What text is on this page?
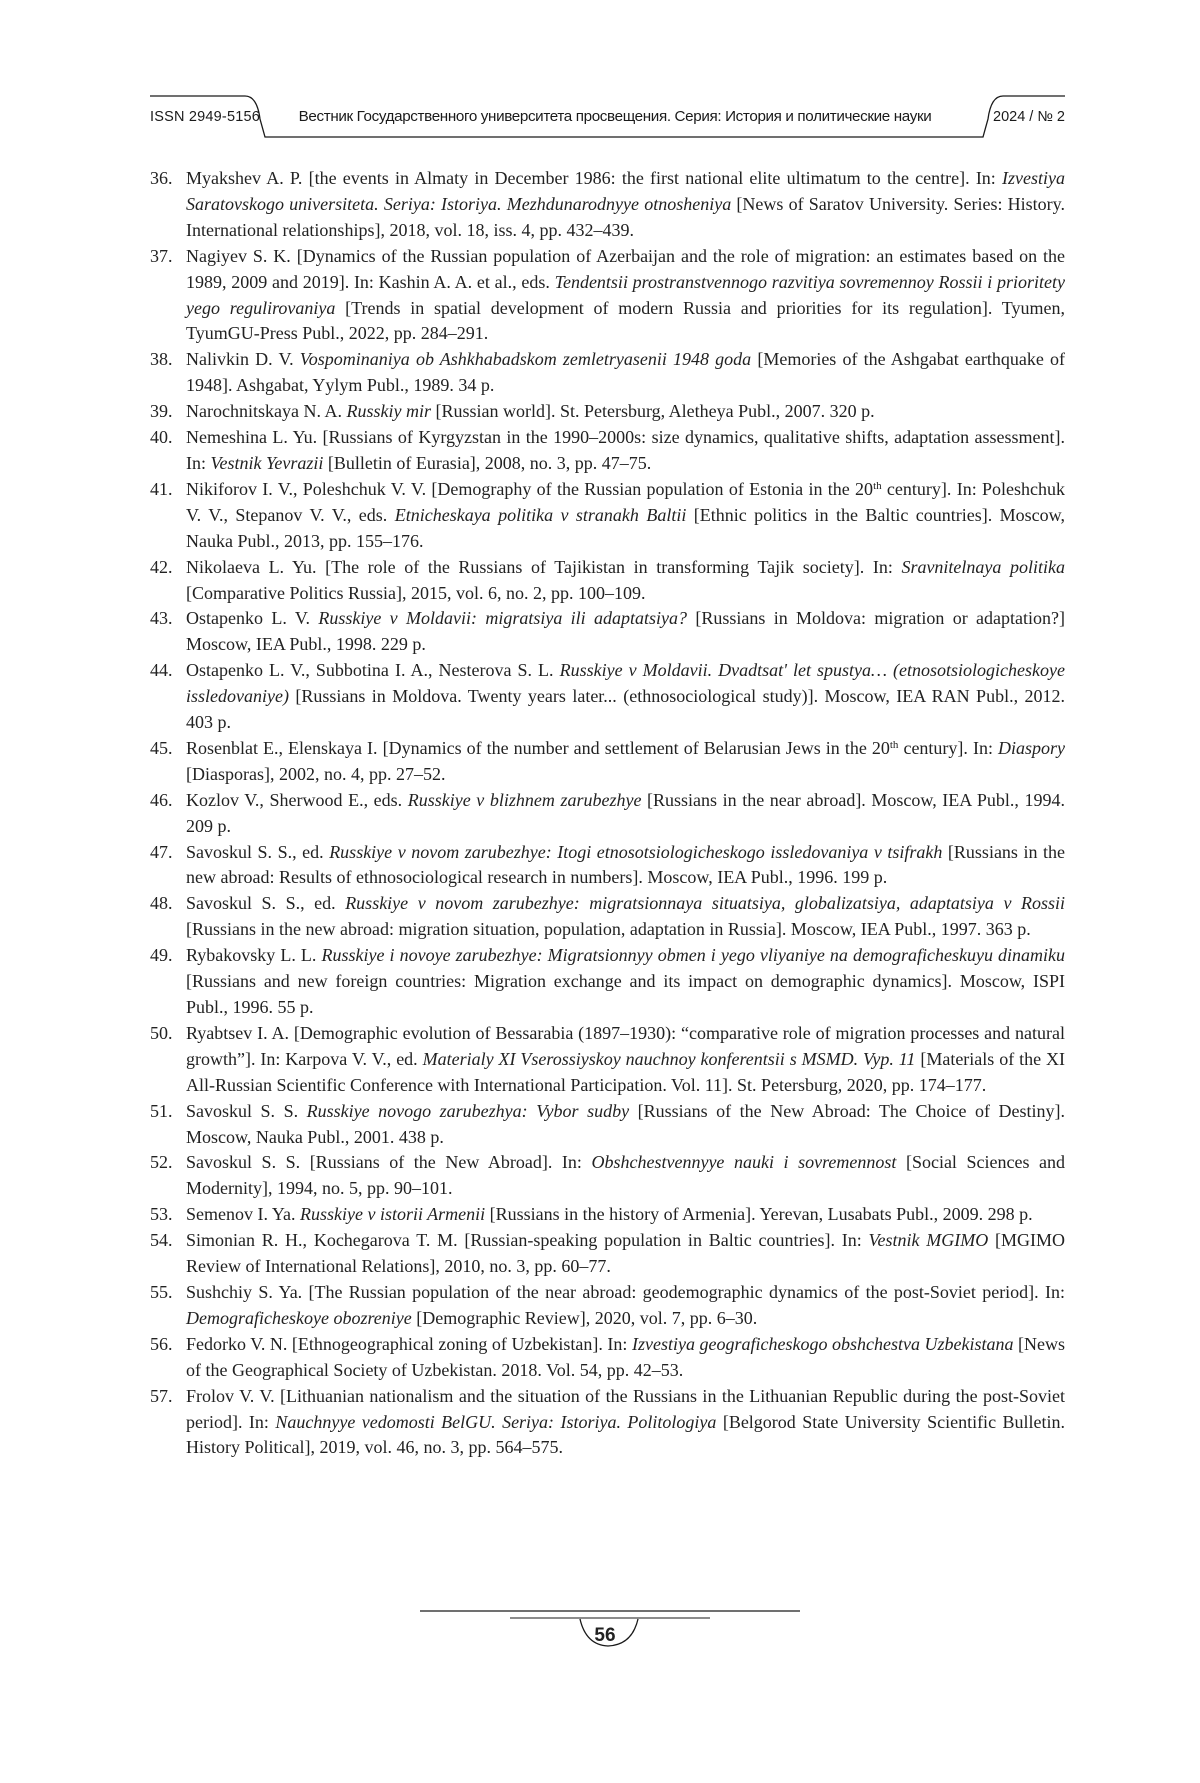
ISSN 2949-5156	Вестник Государственного университета просвещения. Серия: История и политические науки	2024 / № 2
36. Myakshev A. P. [the events in Almaty in December 1986: the first national elite ultimatum to the centre]. In: Izvestiya Saratovskogo universiteta. Seriya: Istoriya. Mezhdunarodnyye otnosheniya [News of Saratov University. Series: History. International relationships], 2018, vol. 18, iss. 4, pp. 432–439.
37. Nagiyev S. K. [Dynamics of the Russian population of Azerbaijan and the role of migration: an estimates based on the 1989, 2009 and 2019]. In: Kashin A. A. et al., eds. Tendentsii prostranstvennogo razvitiya sovremennoy Rossii i prioritety yego regulirovaniya [Trends in spatial development of modern Russia and priorities for its regulation]. Tyumen, TyumGU-Press Publ., 2022, pp. 284–291.
38. Nalivkin D. V. Vospominaniya ob Ashkhabadskom zemletryasenii 1948 goda [Memories of the Ashgabat earthquake of 1948]. Ashgabat, Yylym Publ., 1989. 34 p.
39. Narochnitskaya N. A. Russkiy mir [Russian world]. St. Petersburg, Aletheya Publ., 2007. 320 p.
40. Nemeshina L. Yu. [Russians of Kyrgyzstan in the 1990–2000s: size dynamics, qualitative shifts, adaptation assessment]. In: Vestnik Yevrazii [Bulletin of Eurasia], 2008, no. 3, pp. 47–75.
41. Nikiforov I. V., Poleshchuk V. V. [Demography of the Russian population of Estonia in the 20th century]. In: Poleshchuk V. V., Stepanov V. V., eds. Etnicheskaya politika v stranakh Baltii [Ethnic politics in the Baltic countries]. Moscow, Nauka Publ., 2013, pp. 155–176.
42. Nikolaeva L. Yu. [The role of the Russians of Tajikistan in transforming Tajik society]. In: Sravnitelnaya politika [Comparative Politics Russia], 2015, vol. 6, no. 2, pp. 100–109.
43. Ostapenko L. V. Russkiye v Moldavii: migratsiya ili adaptatsiya? [Russians in Moldova: migration or adaptation?] Moscow, IEA Publ., 1998. 229 p.
44. Ostapenko L. V., Subbotina I. A., Nesterova S. L. Russkiye v Moldavii. Dvadtsat' let spustya… (etnosotsiologicheskoye issledovaniye) [Russians in Moldova. Twenty years later... (ethnosociological study)]. Moscow, IEA RAN Publ., 2012. 403 p.
45. Rosenblat E., Elenskaya I. [Dynamics of the number and settlement of Belarusian Jews in the 20th century]. In: Diaspory [Diasporas], 2002, no. 4, pp. 27–52.
46. Kozlov V., Sherwood E., eds. Russkiye v blizhnem zarubezhye [Russians in the near abroad]. Moscow, IEA Publ., 1994. 209 p.
47. Savoskul S. S., ed. Russkiye v novom zarubezhye: Itogi etnosotsiologicheskogo issledovaniya v tsifrakh [Russians in the new abroad: Results of ethnosociological research in numbers]. Moscow, IEA Publ., 1996. 199 p.
48. Savoskul S. S., ed. Russkiye v novom zarubezhye: migratsionnaya situatsiya, globalizatsiya, adaptatsiya v Rossii [Russians in the new abroad: migration situation, population, adaptation in Russia]. Moscow, IEA Publ., 1997. 363 p.
49. Rybakovsky L. L. Russkiye i novoye zarubezhye: Migratsionnyy obmen i yego vliyaniye na demograficheskuyu dinamiku [Russians and new foreign countries: Migration exchange and its impact on demographic dynamics]. Moscow, ISPI Publ., 1996. 55 p.
50. Ryabtsev I. A. [Demographic evolution of Bessarabia (1897–1930): “comparative role of migration processes and natural growth”]. In: Karpova V. V., ed. Materialy XI Vserossiyskoy nauchnoy konferentsii s MSMD. Vyp. 11 [Materials of the XI All-Russian Scientific Conference with International Participation. Vol. 11]. St. Petersburg, 2020, pp. 174–177.
51. Savoskul S. S. Russkiye novogo zarubezhya: Vybor sudby [Russians of the New Abroad: The Choice of Destiny]. Moscow, Nauka Publ., 2001. 438 p.
52. Savoskul S. S. [Russians of the New Abroad]. In: Obshchestvennyye nauki i sovremennost [Social Sciences and Modernity], 1994, no. 5, pp. 90–101.
53. Semenov I. Ya. Russkiye v istorii Armenii [Russians in the history of Armenia]. Yerevan, Lusabats Publ., 2009. 298 p.
54. Simonian R. H., Kochegarova T. M. [Russian-speaking population in Baltic countries]. In: Vestnik MGIMO [MGIMO Review of International Relations], 2010, no. 3, pp. 60–77.
55. Sushchiy S. Ya. [The Russian population of the near abroad: geodemographic dynamics of the post-Soviet period]. In: Demograficheskoye obozreniye [Demographic Review], 2020, vol. 7, pp. 6–30.
56. Fedorko V. N. [Ethnogeographical zoning of Uzbekistan]. In: Izvestiya geograficheskogo obshchestva Uzbekistana [News of the Geographical Society of Uzbekistan. 2018. Vol. 54, pp. 42–53.
57. Frolov V. V. [Lithuanian nationalism and the situation of the Russians in the Lithuanian Republic during the post-Soviet period]. In: Nauchnyye vedomosti BelGU. Seriya: Istoriya. Politologiya [Belgorod State University Scientific Bulletin. History Political], 2019, vol. 46, no. 3, pp. 564–575.
56
